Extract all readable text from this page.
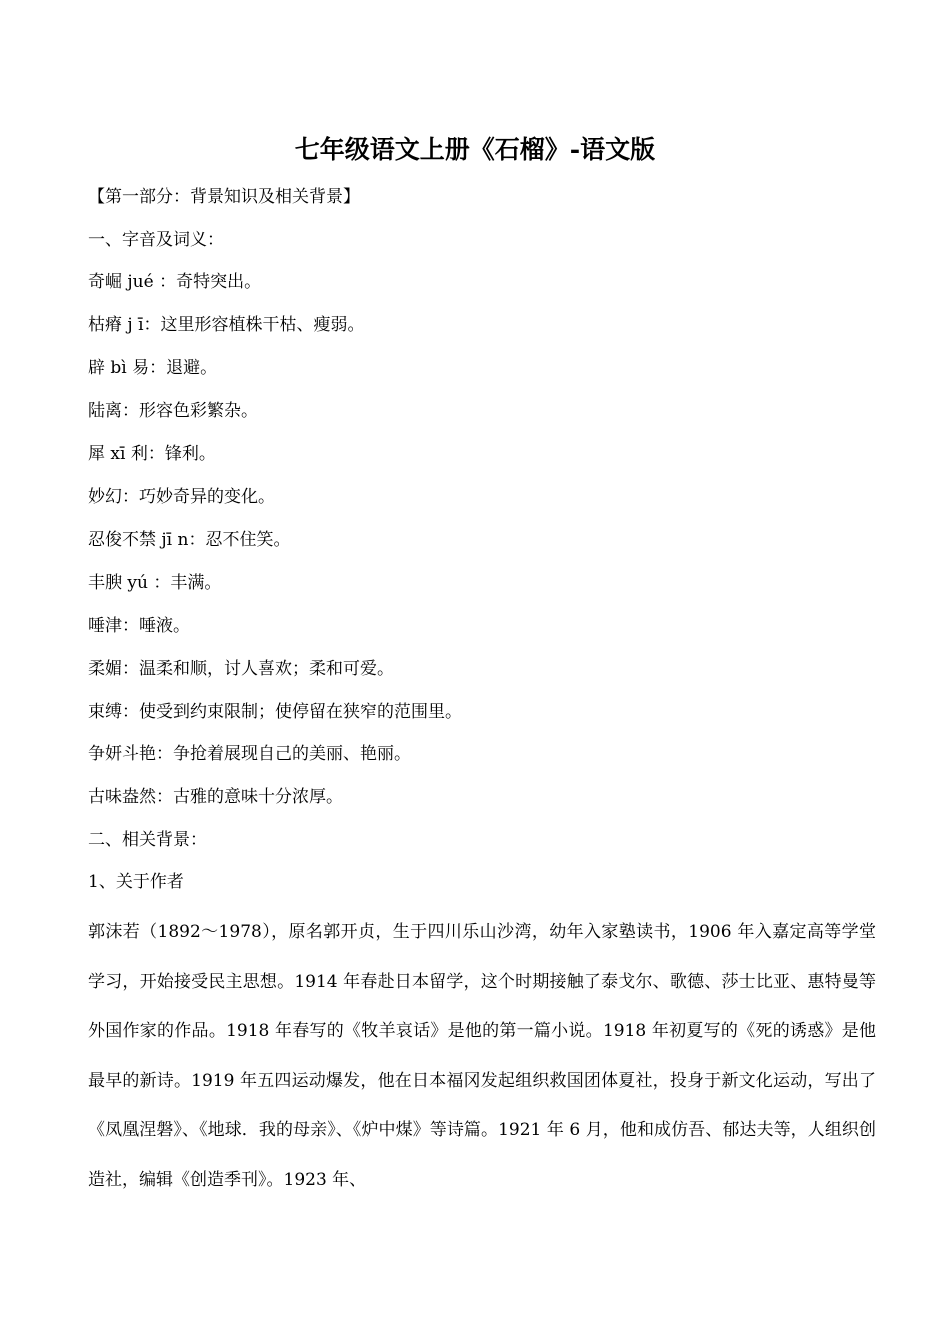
七年级语文上册《石榴》-语文版

【第一部分：背景知识及相关背景】

一、字音及词义：

奇崛 jué ：奇特突出。

枯瘠 j ī：这里形容植株干枯、瘦弱。

辟 bì 易：退避。

陆离：形容色彩繁杂。

犀 xī 利：锋利。

妙幻：巧妙奇异的变化。

忍俊不禁 jī n：忍不住笑。

丰腴 yú ：丰满。

唾津：唾液。

柔媚：温柔和顺，讨人喜欢；柔和可爱。

束缚：使受到约束限制；使停留在狭窄的范围里。

争妍斗艳：争抢着展现自己的美丽、艳丽。

古味盎然：古雅的意味十分浓厚。

二、相关背景：

1、关于作者

郭沫若（1892～1978），原名郭开贞，生于四川乐山沙湾，幼年入家塾读书，1906 年入嘉定高等学堂学习，开始接受民主思想。1914 年春赴日本留学，这个时期接触了泰戈尔、歌德、莎士比亚、惠特曼等外国作家的作品。1918 年春写的《牧羊哀话》是他的第一篇小说。1918 年初夏写的《死的诱惑》是他最早的新诗。1919 年五四运动爆发，他在日本福冈发起组织救国团体夏社，投身于新文化运动，写出了《凤凰涅磐》、《地球．我的母亲》、《炉中煤》等诗篇。1921 年 6 月，他和成仿吾、郁达夫等，人组织创造社，编辑《创造季刊》。1923 年、
